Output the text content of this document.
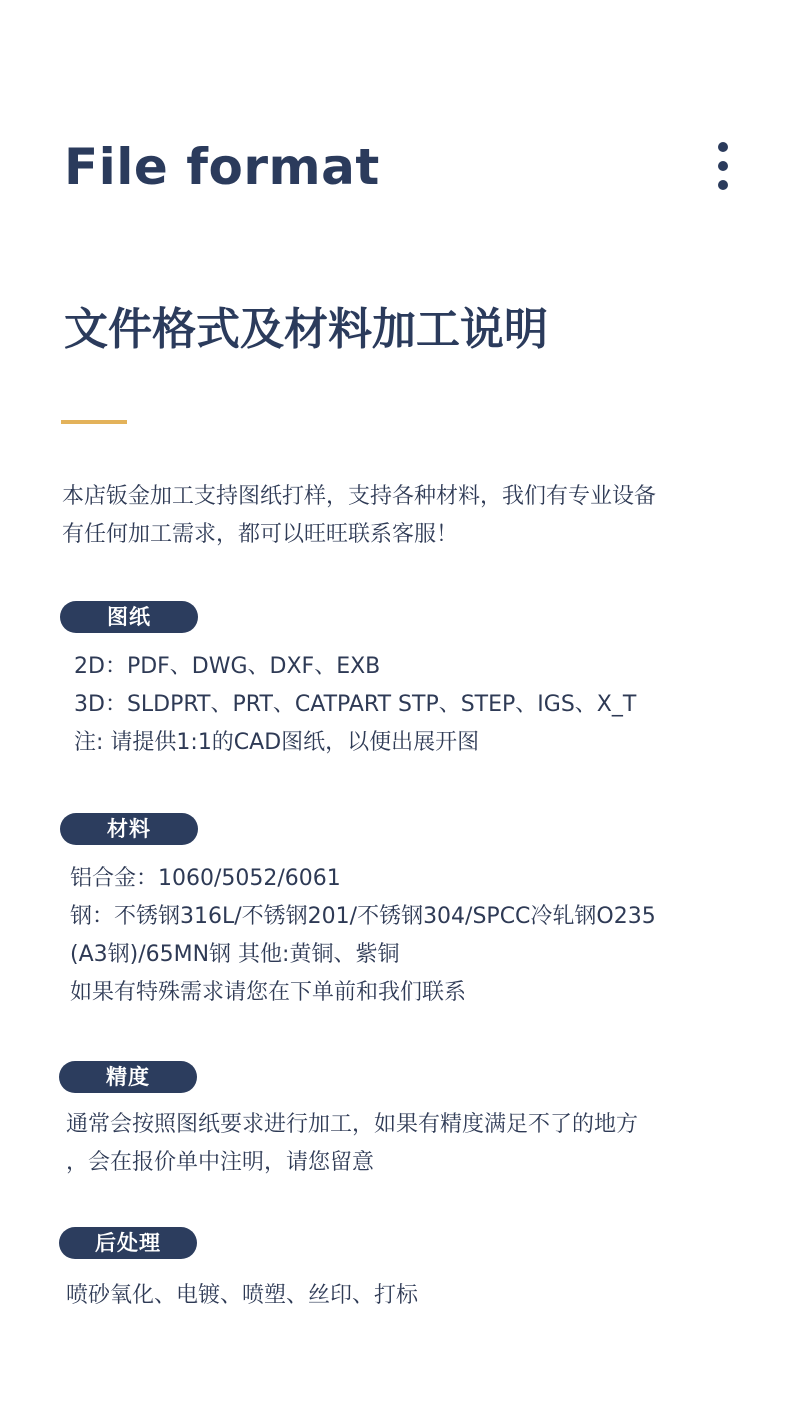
File format
文件格式及材料加工说明
本店钣金加工支持图纸打样，支持各种材料，我们有专业设备
有任何加工需求，都可以旺旺联系客服！
图纸
2D：PDF、DWG、DXF、EXB
3D：SLDPRT、PRT、CATPART STP、STEP、IGS、X_T
注: 请提供1:1的CAD图纸，以便出展开图
材料
铝合金：1060/5052/6061
钢：不锈钢316L/不锈钢201/不锈钢304/SPCC冷轧钢O235
(A3钢)/65MN钢 其他:黄铜、紫铜
如果有特殊需求请您在下单前和我们联系
精度
通常会按照图纸要求进行加工，如果有精度满足不了的地方
，会在报价单中注明，请您留意
后处理
喷砂氧化、电镀、喷塑、丝印、打标
